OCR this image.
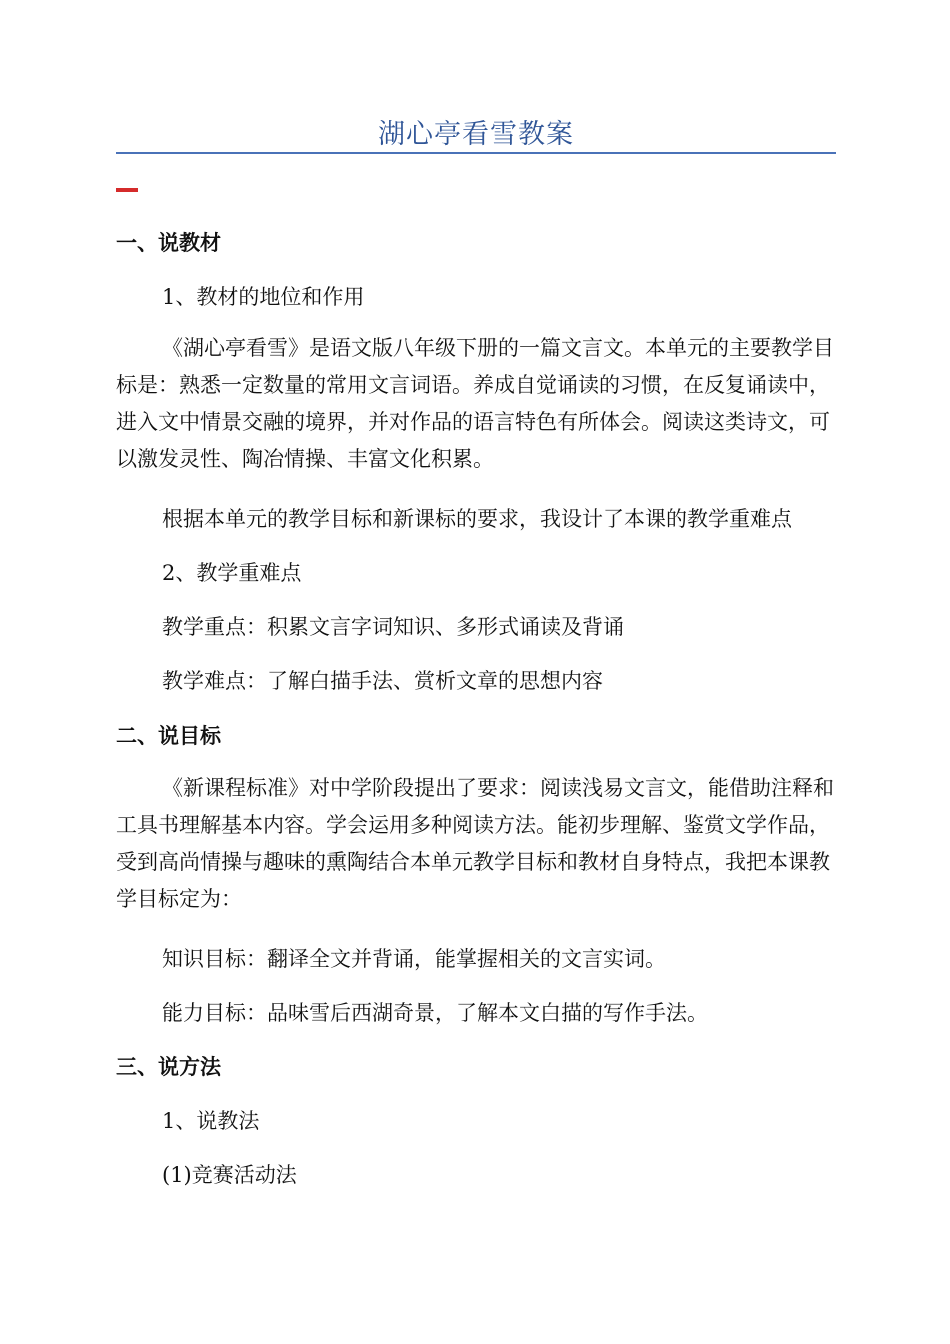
湖心亭看雪教案
一、说教材
1、教材的地位和作用
《湖心亭看雪》是语文版八年级下册的一篇文言文。本单元的主要教学目标是：熟悉一定数量的常用文言词语。养成自觉诵读的习惯，在反复诵读中，进入文中情景交融的境界，并对作品的语言特色有所体会。阅读这类诗文，可以激发灵性、陶冶情操、丰富文化积累。
根据本单元的教学目标和新课标的要求，我设计了本课的教学重难点
2、教学重难点
教学重点：积累文言字词知识、多形式诵读及背诵
教学难点：了解白描手法、赏析文章的思想内容
二、说目标
《新课程标准》对中学阶段提出了要求：阅读浅易文言文，能借助注释和工具书理解基本内容。学会运用多种阅读方法。能初步理解、鉴赏文学作品，受到高尚情操与趣味的熏陶结合本单元教学目标和教材自身特点，我把本课教学目标定为：
知识目标：翻译全文并背诵，能掌握相关的文言实词。
能力目标：品味雪后西湖奇景，了解本文白描的写作手法。
三、说方法
1、说教法
(1)竞赛活动法
